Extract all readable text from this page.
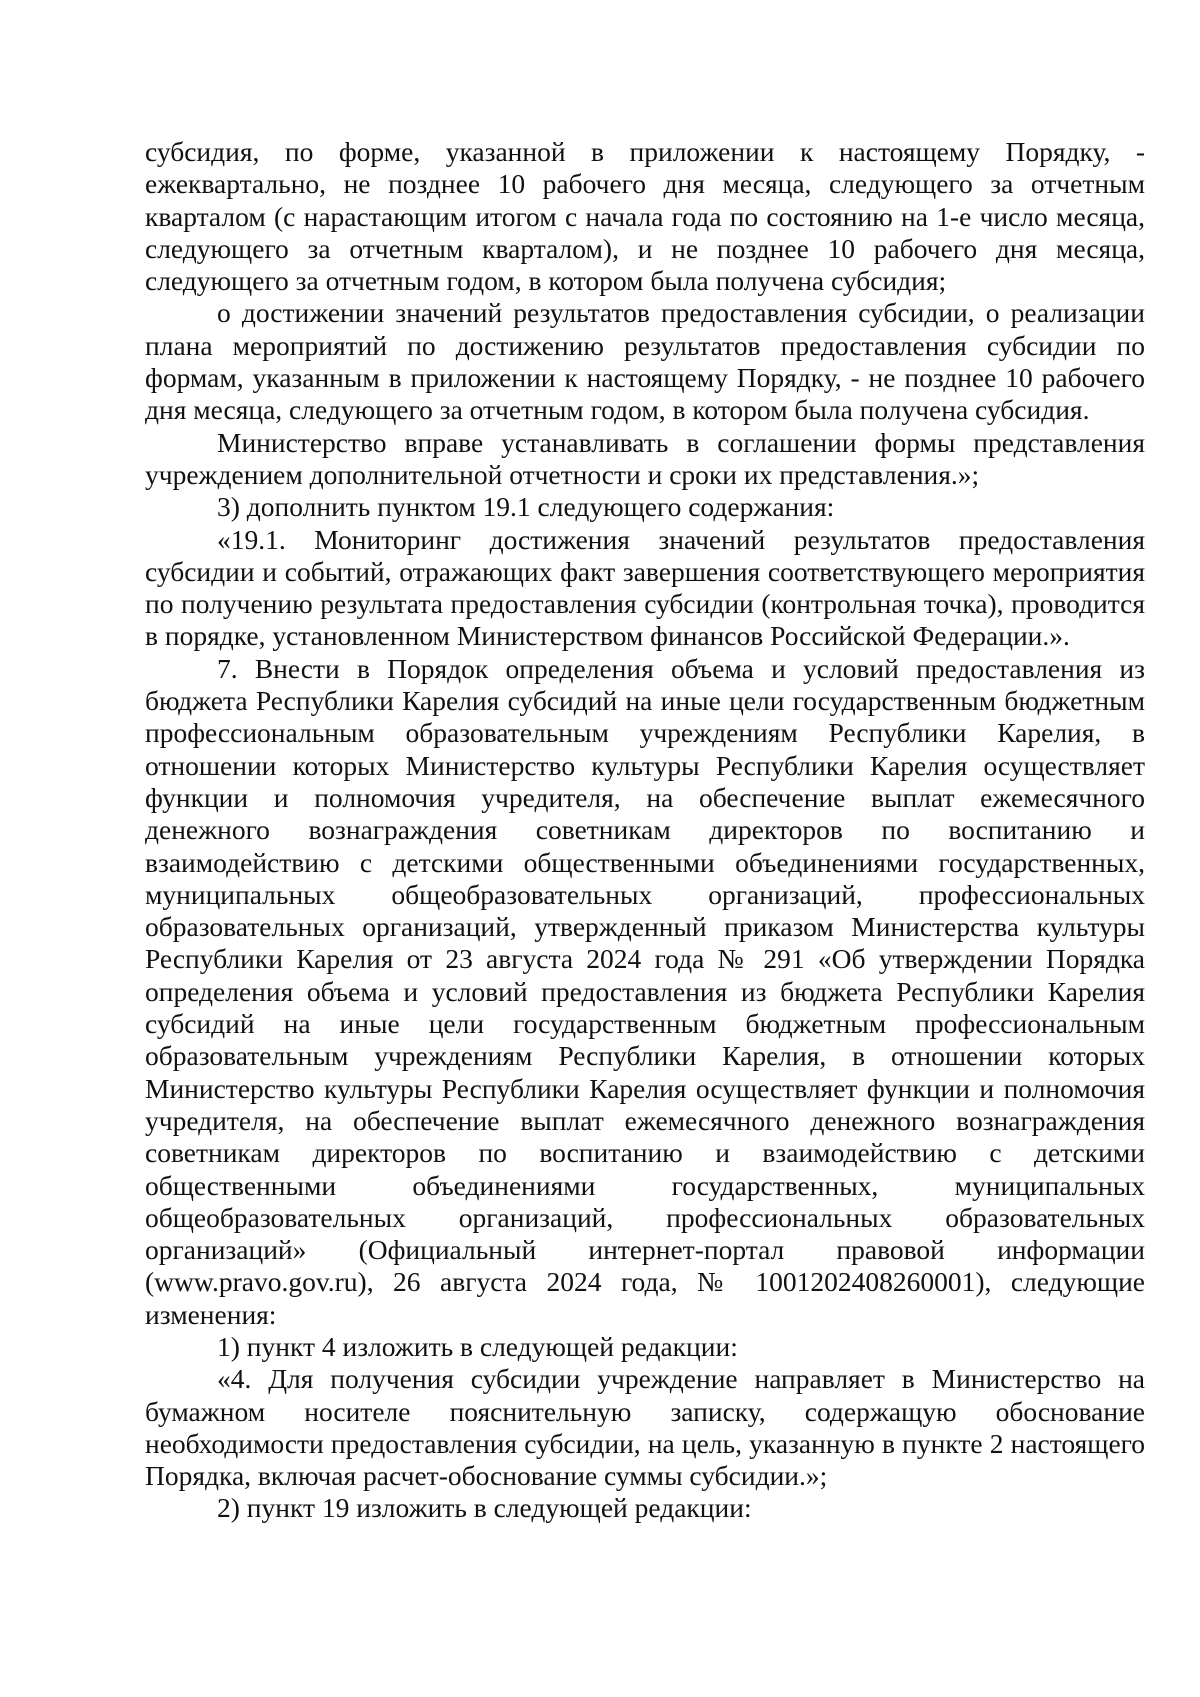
субсидия, по форме, указанной в приложении к настоящему Порядку, - ежеквартально, не позднее 10 рабочего дня месяца, следующего за отчетным кварталом (с нарастающим итогом с начала года по состоянию на 1-е число месяца, следующего за отчетным кварталом), и не позднее 10 рабочего дня месяца, следующего за отчетным годом, в котором была получена субсидия;

о достижении значений результатов предоставления субсидии, о реализации плана мероприятий по достижению результатов предоставления субсидии по формам, указанным в приложении к настоящему Порядку, - не позднее 10 рабочего дня месяца, следующего за отчетным годом, в котором была получена субсидия.

Министерство вправе устанавливать в соглашении формы представления учреждением дополнительной отчетности и сроки их представления.»;

3) дополнить пунктом 19.1 следующего содержания:

«19.1. Мониторинг достижения значений результатов предоставления субсидии и событий, отражающих факт завершения соответствующего мероприятия по получению результата предоставления субсидии (контрольная точка), проводится в порядке, установленном Министерством финансов Российской Федерации.».

7. Внести в Порядок определения объема и условий предоставления из бюджета Республики Карелия субсидий на иные цели государственным бюджетным профессиональным образовательным учреждениям Республики Карелия, в отношении которых Министерство культуры Республики Карелия осуществляет функции и полномочия учредителя, на обеспечение выплат ежемесячного денежного вознаграждения советникам директоров по воспитанию и взаимодействию с детскими общественными объединениями государственных, муниципальных общеобразовательных организаций, профессиональных образовательных организаций, утвержденный приказом Министерства культуры Республики Карелия от 23 августа 2024 года № 291 «Об утверждении Порядка определения объема и условий предоставления из бюджета Республики Карелия субсидий на иные цели государственным бюджетным профессиональным образовательным учреждениям Республики Карелия, в отношении которых Министерство культуры Республики Карелия осуществляет функции и полномочия учредителя, на обеспечение выплат ежемесячного денежного вознаграждения советникам директоров по воспитанию и взаимодействию с детскими общественными объединениями государственных, муниципальных общеобразовательных организаций, профессиональных образовательных организаций» (Официальный интернет-портал правовой информации (www.pravo.gov.ru), 26 августа 2024 года, № 1001202408260001), следующие изменения:

1) пункт 4 изложить в следующей редакции:

«4. Для получения субсидии учреждение направляет в Министерство на бумажном носителе пояснительную записку, содержащую обоснование необходимости предоставления субсидии, на цель, указанную в пункте 2 настоящего Порядка, включая расчет-обоснование суммы субсидии.»;

2) пункт 19 изложить в следующей редакции:
